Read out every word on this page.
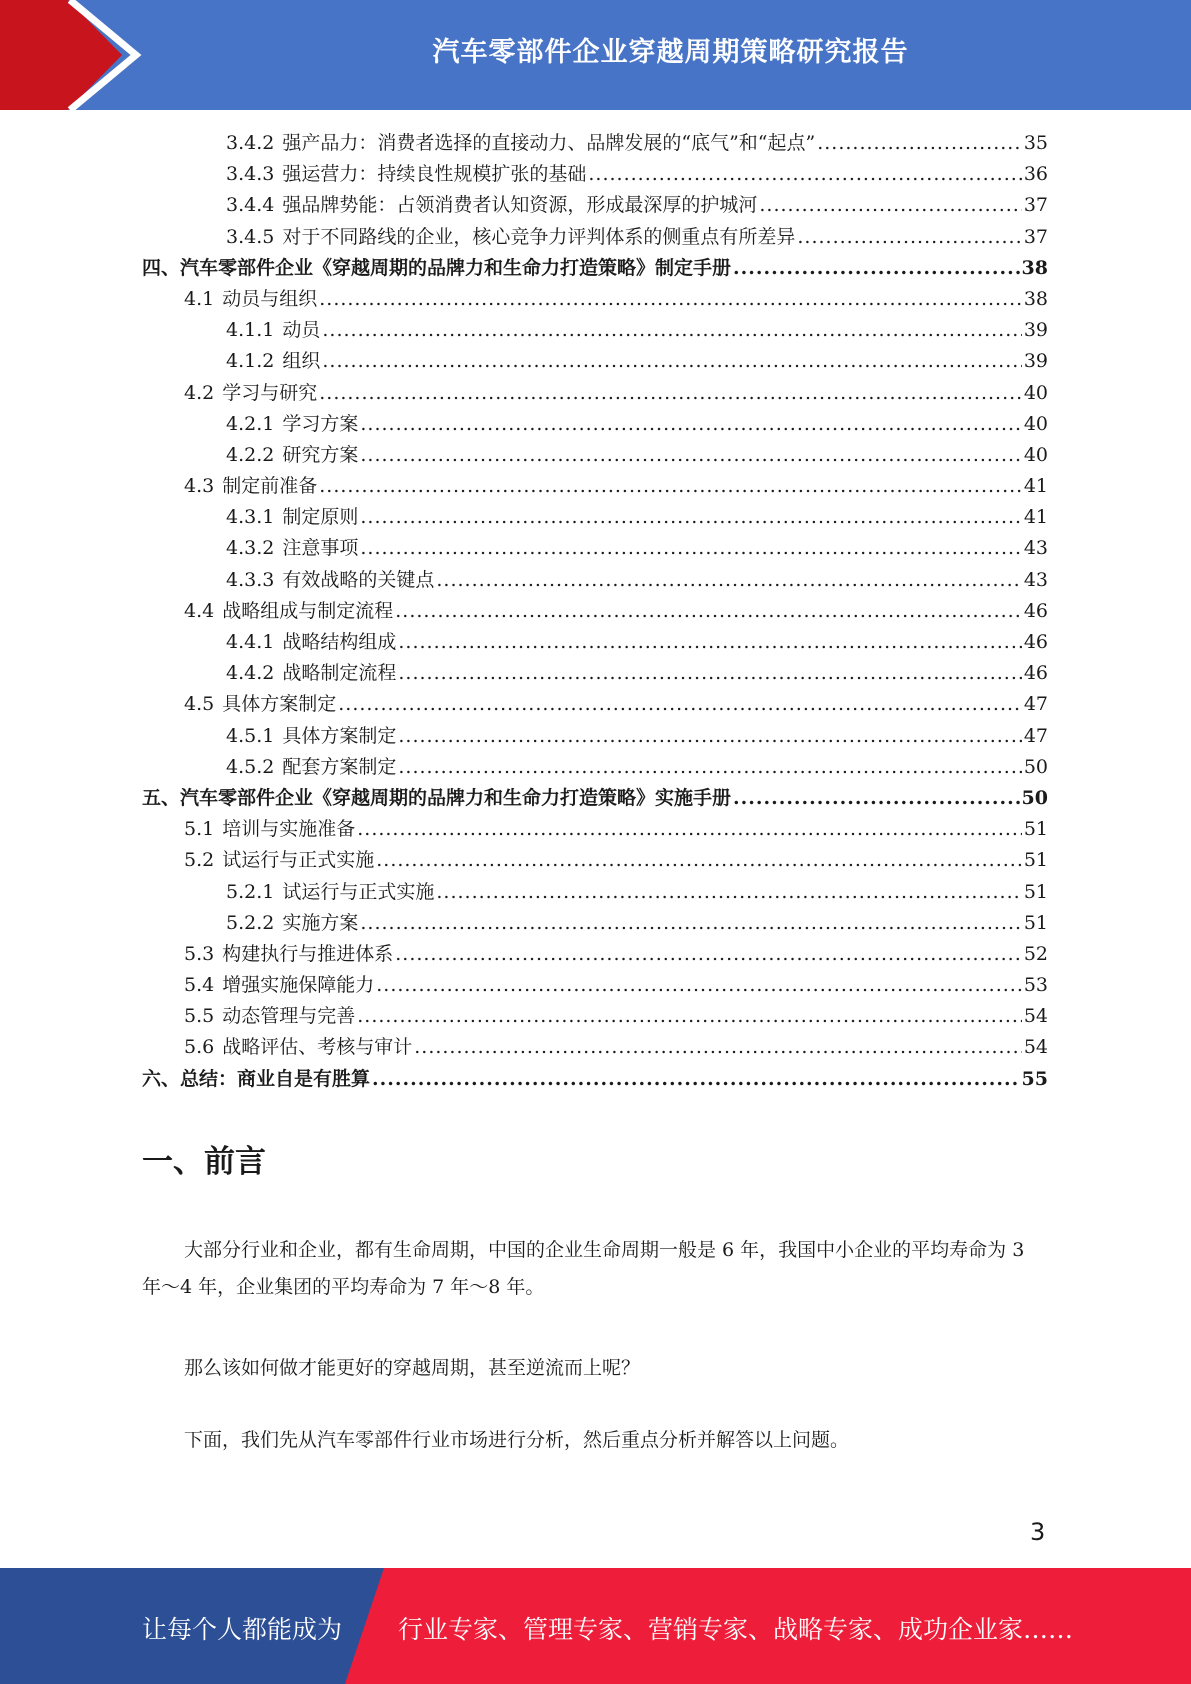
汽车零部件企业穿越周期策略研究报告
3.4.2 强产品力：消费者选择的直接动力、品牌发展的“底气”和“起点” .....	35
3.4.3 强运营力：持续良性规模扩张的基础 .....	36
3.4.4 强品牌势能：占领消费者认知资源，形成最深厚的护城河 .....	37
3.4.5 对于不同路线的企业，核心竞争力评判体系的侧重点有所差异 .....	37
四、汽车零部件企业《穿越周期的品牌力和生命力打造策略》制定手册 .....	38
4.1 动员与组织 .....	38
4.1.1 动员 .....	39
4.1.2 组织 .....	39
4.2 学习与研究 .....	40
4.2.1 学习方案 .....	40
4.2.2 研究方案 .....	40
4.3 制定前准备 .....	41
4.3.1 制定原则 .....	41
4.3.2 注意事项 .....	43
4.3.3 有效战略的关键点 .....	43
4.4 战略组成与制定流程 .....	46
4.4.1 战略结构组成 .....	46
4.4.2 战略制定流程 .....	46
4.5 具体方案制定 .....	47
4.5.1 具体方案制定 .....	47
4.5.2 配套方案制定 .....	50
五、汽车零部件企业《穿越周期的品牌力和生命力打造策略》实施手册 .....	50
5.1 培训与实施准备 .....	51
5.2 试运行与正式实施 .....	51
5.2.1 试运行与正式实施 .....	51
5.2.2 实施方案 .....	51
5.3 构建执行与推进体系 .....	52
5.4 增强实施保障能力 .....	53
5.5 动态管理与完善 .....	54
5.6 战略评估、考核与审计 .....	54
六、总结：商业自是有胜算 .....	55
一、前言
大部分行业和企业，都有生命周期，中国的企业生命周期一般是 6 年，我国中小企业的平均寿命为 3 年～4 年，企业集团的平均寿命为 7 年～8 年。
那么该如何做才能更好的穿越周期，甚至逆流而上呢？
下面，我们先从汽车零部件行业市场进行分析，然后重点分析并解答以上问题。
3
让每个人都能成为 行业专家、管理专家、营销专家、战略专家、成功企业家……
